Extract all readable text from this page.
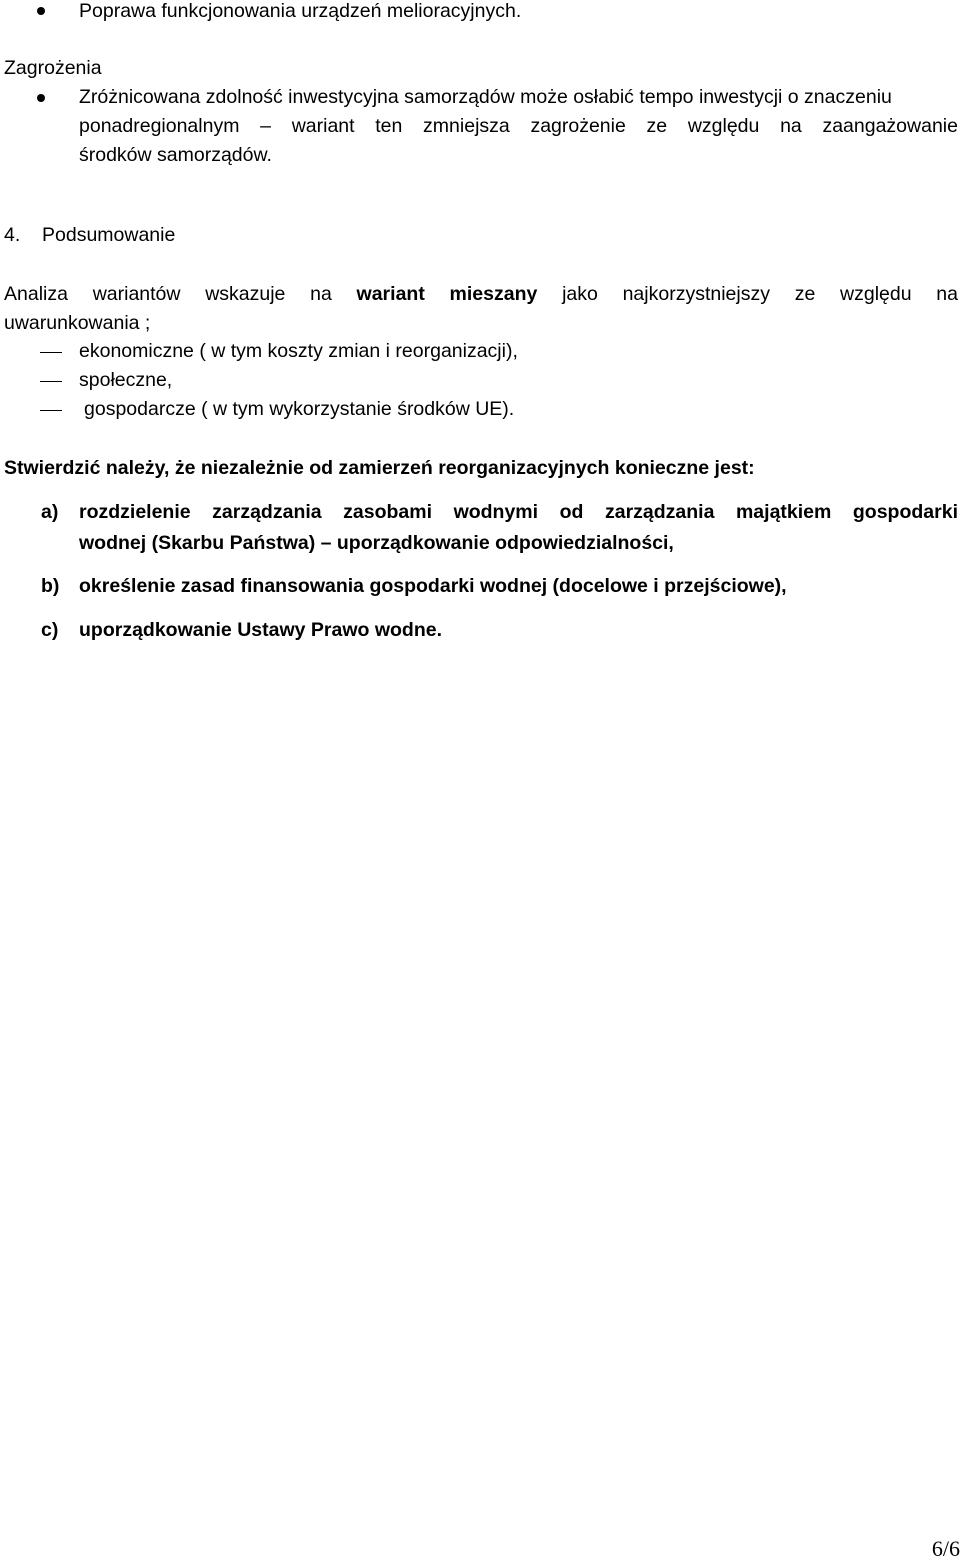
Poprawa funkcjonowania urządzeń melioracyjnych.
Zagrożenia
Zróżnicowana zdolność inwestycyjna samorządów może osłabić tempo inwestycji o znaczeniu
ponadregionalnym – wariant ten zmniejsza zagrożenie ze względu na zaangażowanie
środków samorządów.
4. Podsumowanie
Analiza wariantów wskazuje na wariant mieszany jako najkorzystniejszy ze względu na
uwarunkowania ;
ekonomiczne ( w tym koszty zmian i reorganizacji),
społeczne,
gospodarcze ( w tym wykorzystanie środków UE).
Stwierdzić należy, że niezależnie od zamierzeń reorganizacyjnych konieczne jest:
a) rozdzielenie zarządzania zasobami wodnymi od zarządzania majątkiem gospodarki
wodnej (Skarbu Państwa) – uporządkowanie odpowiedzialności,
b) określenie zasad finansowania gospodarki wodnej (docelowe i przejściowe),
c) uporządkowanie Ustawy Prawo wodne.
6/6
